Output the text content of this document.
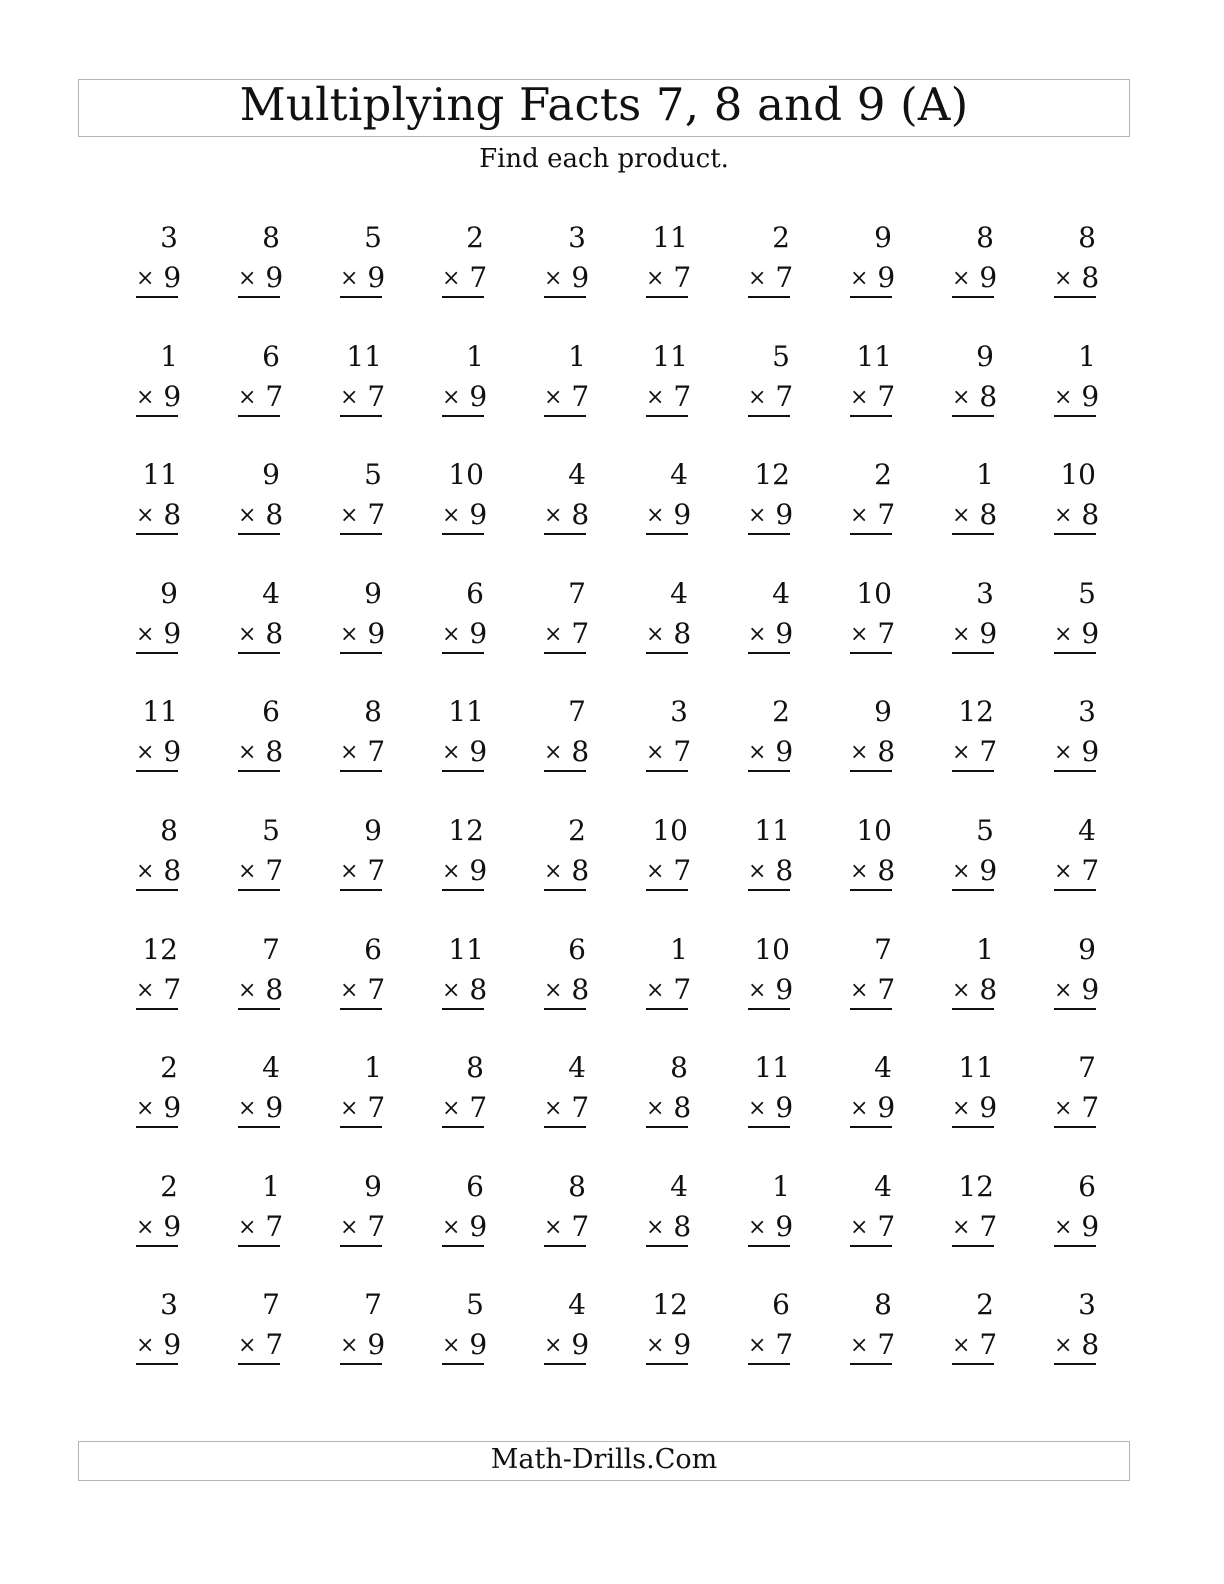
Multiplying Facts 7, 8 and 9 (A)
Find each product.
3
× 9
8
× 9
5
× 9
2
× 7
3
× 9
11
× 7
2
× 7
9
× 9
8
× 9
8
× 8
1
× 9
6
× 7
11
× 7
1
× 9
1
× 7
11
× 7
5
× 7
11
× 7
9
× 8
1
× 9
11
× 8
9
× 8
5
× 7
10
× 9
4
× 8
4
× 9
12
× 9
2
× 7
1
× 8
10
× 8
9
× 9
4
× 8
9
× 9
6
× 9
7
× 7
4
× 8
4
× 9
10
× 7
3
× 9
5
× 9
11
× 9
6
× 8
8
× 7
11
× 9
7
× 8
3
× 7
2
× 9
9
× 8
12
× 7
3
× 9
8
× 8
5
× 7
9
× 7
12
× 9
2
× 8
10
× 7
11
× 8
10
× 8
5
× 9
4
× 7
12
× 7
7
× 8
6
× 7
11
× 8
6
× 8
1
× 7
10
× 9
7
× 7
1
× 8
9
× 9
2
× 9
4
× 9
1
× 7
8
× 7
4
× 7
8
× 8
11
× 9
4
× 9
11
× 9
7
× 7
2
× 9
1
× 7
9
× 7
6
× 9
8
× 7
4
× 8
1
× 9
4
× 7
12
× 7
6
× 9
3
× 9
7
× 7
7
× 9
5
× 9
4
× 9
12
× 9
6
× 7
8
× 7
2
× 7
3
× 8
Math-Drills.Com
